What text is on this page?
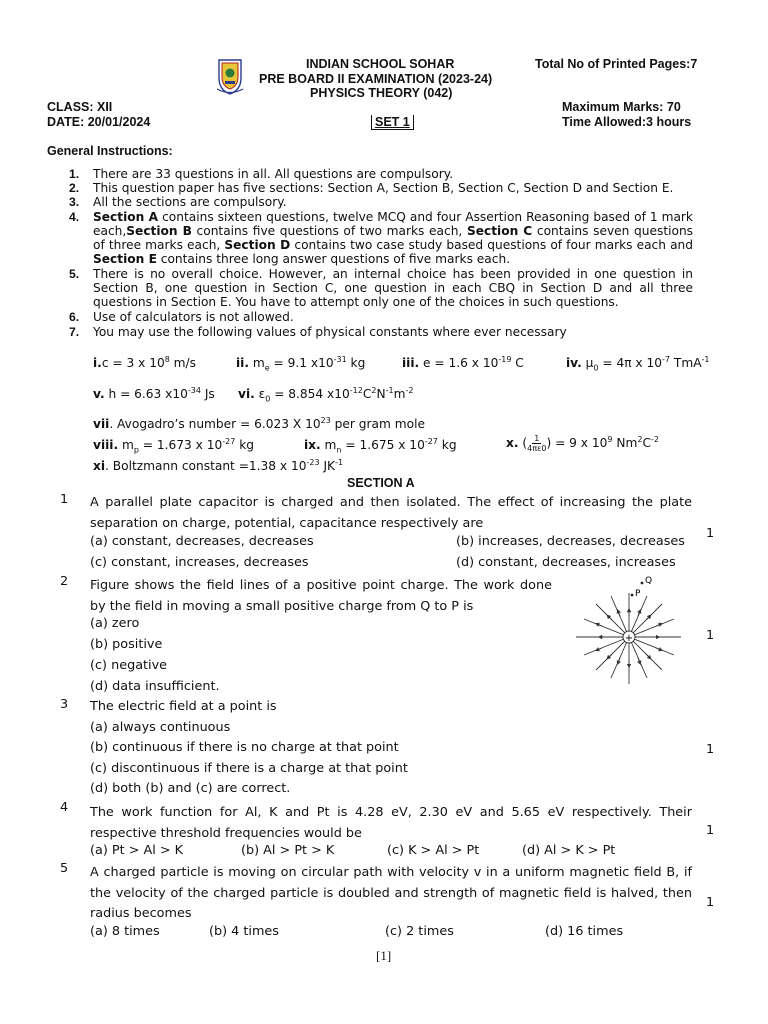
INDIAN SCHOOL SOHAR	Total No of Printed Pages:7
PRE BOARD II EXAMINATION (2023-24)
PHYSICS THEORY (042)
CLASS: XII	Maximum Marks: 70
DATE: 20/01/2024	SET 1	Time Allowed:3 hours
General Instructions:
1. There are 33 questions in all. All questions are compulsory.
2. This question paper has five sections: Section A, Section B, Section C, Section D and Section E.
3. All the sections are compulsory.
4. Section A contains sixteen questions, twelve MCQ and four Assertion Reasoning based of 1 mark each,Section B contains five questions of two marks each, Section C contains seven questions of three marks each, Section D contains two case study based questions of four marks each and Section E contains three long answer questions of five marks each.
5. There is no overall choice. However, an internal choice has been provided in one question in Section B, one question in Section C, one question in each CBQ in Section D and all three questions in Section E. You have to attempt only one of the choices in such questions.
6. Use of calculators is not allowed.
7. You may use the following values of physical constants where ever necessary
i.c = 3 x $10^8$ m/s	ii. $m_e = 9.1$ $x10^{-31}$ kg	iii. e = 1.6 x $10^{-19}$ C	iv. $\mu_0 = 4\pi$ x $10^{-7}$ TmA$^{-1}$
v. h = 6.63 $x10^{-34}$ Js vi. $\varepsilon_0 = 8.854$ $x10^{-12}C^2N^{-1}m^{-2}$
vii. Avogadro’s number = 6.023 X $10^{23}$ per gram mole
viii. $m_p = 1.673$ x $10^{-27}$ kg	ix. $m_n = 1.675$ x $10^{-27}$ kg	x. ( $\frac{1}{4\pi\varepsilon 0}$ ) = 9 x $10^9$ $Nm^2C^{-2}$
xi. Boltzmann constant =1.38 x $10^{-23}$ $JK^{-1}$
SECTION A
1 A parallel plate capacitor is charged and then isolated. The effect of increasing the plate separation on charge, potential, capacitance respectively are
(a) constant, decreases, decreases	(b) increases, decreases, decreases
(c) constant, increases, decreases	(d) constant, decreases, increases
1
2 Figure shows the field lines of a positive point charge. The work done by the field in moving a small positive charge from Q to P is
(a) zero
(b) positive
(c) negative
(d) data insufficient.
1
+
Q
P
3 The electric field at a point is
(a) always continuous
(b) continuous if there is no charge at that point
(c) discontinuous if there is a charge at that point
(d) both (b) and (c) are correct.
1
4 The work function for Al, K and Pt is 4.28 eV, 2.30 eV and 5.65 eV respectively. Their respective threshold frequencies would be
(a) Pt > Al > K	(b) Al > Pt > K	(c) K > Al > Pt	(d) Al > K > Pt
1
5 A charged particle is moving on circular path with velocity v in a uniform magnetic field B, if the velocity of the charged particle is doubled and strength of magnetic field is halved, then radius becomes
(a) 8 times	(b) 4 times	(c) 2 times	(d) 16 times
1
[1]
